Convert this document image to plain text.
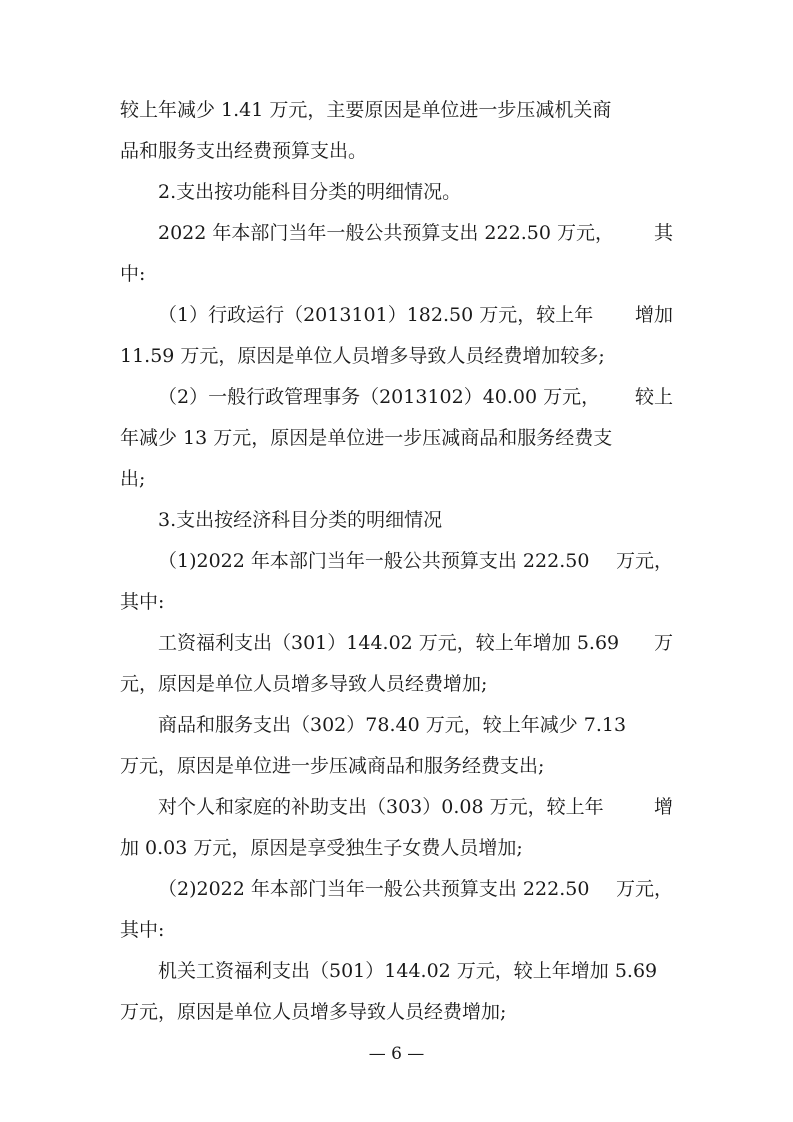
较上年减少 1.41 万元，主要原因是单位进一步压减机关商
品和服务支出经费预算支出。
2.支出按功能科目分类的明细情况。
2022 年本部门当年一般公共预算支出 222.50 万元， 其
中:
（1）行政运行（2013101）182.50 万元，较上年 增加
11.59 万元，原因是单位人员增多导致人员经费增加较多;
（2）一般行政管理事务（2013102）40.00 万元， 较上
年减少 13 万元，原因是单位进一步压减商品和服务经费支
出;
3.支出按经济科目分类的明细情况
（1)2022 年本部门当年一般公共预算支出 222.50 万元，
其中:
工资福利支出（301）144.02 万元，较上年增加 5.69 万
元，原因是单位人员增多导致人员经费增加;
商品和服务支出（302）78.40 万元，较上年减少 7.13
万元，原因是单位进一步压减商品和服务经费支出;
对个人和家庭的补助支出（303）0.08 万元，较上年	增
加 0.03 万元，原因是享受独生子女费人员增加;
（2)2022 年本部门当年一般公共预算支出 222.50 万元，
其中:
机关工资福利支出（501）144.02 万元，较上年增加 5.69
万元，原因是单位人员增多导致人员经费增加;
— 6 —
